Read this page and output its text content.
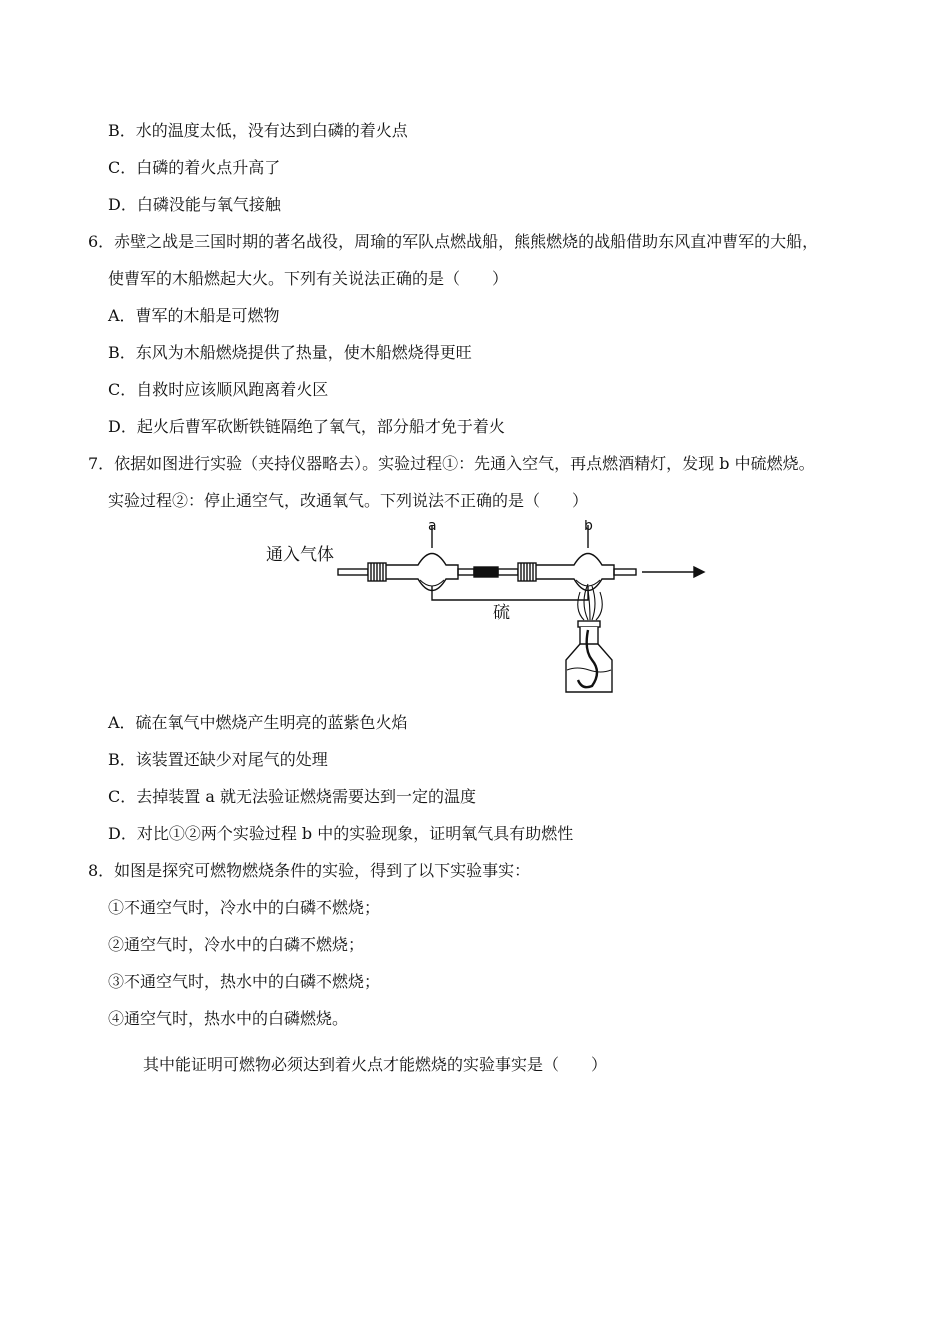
B．水的温度太低，没有达到白磷的着火点
C．白磷的着火点升高了
D．白磷没能与氧气接触
6．赤壁之战是三国时期的著名战役，周瑜的军队点燃战船，熊熊燃烧的战船借助东风直冲曹军的大船，
使曹军的木船燃起大火。下列有关说法正确的是（　　）
A．曹军的木船是可燃物
B．东风为木船燃烧提供了热量，使木船燃烧得更旺
C．自救时应该顺风跑离着火区
D．起火后曹军砍断铁链隔绝了氧气，部分船才免于着火
7．依据如图进行实验（夹持仪器略去）。实验过程①：先通入空气，再点燃酒精灯，发现 b 中硫燃烧。
实验过程②：停止通空气，改通氧气。下列说法不正确的是（　　）
通入气体
a	b
硫
A．硫在氧气中燃烧产生明亮的蓝紫色火焰
B．该装置还缺少对尾气的处理
C．去掉装置 a 就无法验证燃烧需要达到一定的温度
D．对比①②两个实验过程 b 中的实验现象，证明氧气具有助燃性
8．如图是探究可燃物燃烧条件的实验，得到了以下实验事实：
①不通空气时，冷水中的白磷不燃烧；
②通空气时，冷水中的白磷不燃烧；
③不通空气时，热水中的白磷不燃烧；
④通空气时，热水中的白磷燃烧。
其中能证明可燃物必须达到着火点才能燃烧的实验事实是（　　）
